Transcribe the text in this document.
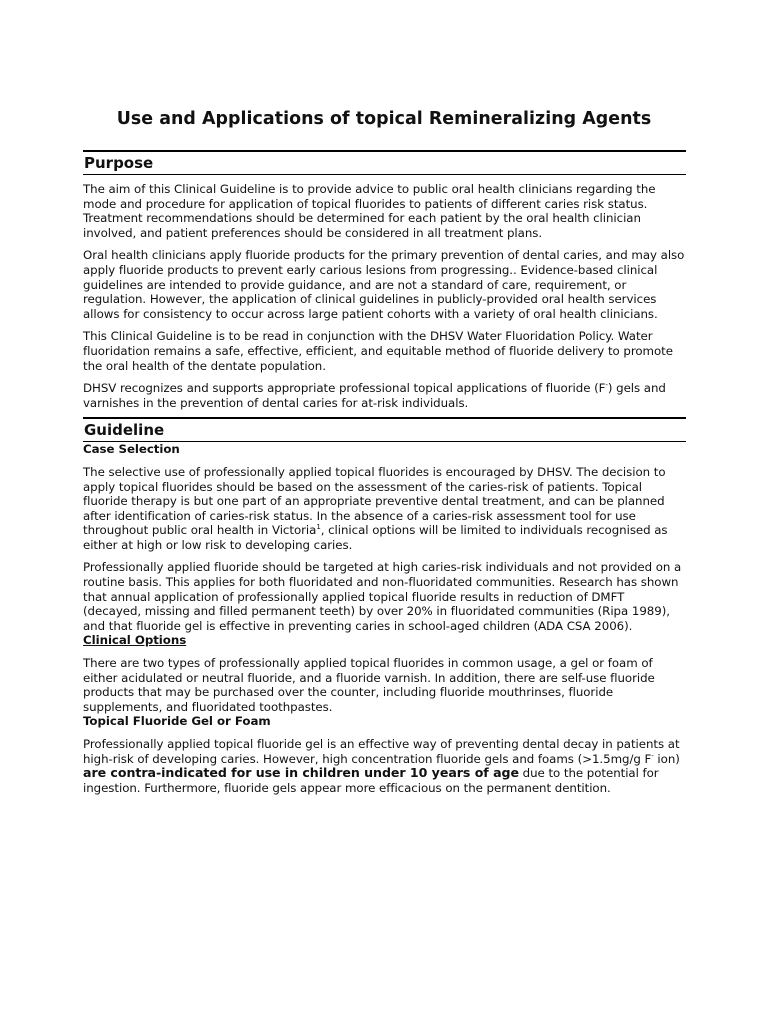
Use and Applications of topical Remineralizing Agents
Purpose

The aim of this Clinical Guideline is to provide advice to public oral health clinicians regarding the mode and procedure for application of topical fluorides to patients of different caries risk status. Treatment recommendations should be determined for each patient by the oral health clinician involved, and patient preferences should be considered in all treatment plans.

Oral health clinicians apply fluoride products for the primary prevention of dental caries, and may also apply fluoride products to prevent early carious lesions from progressing.. Evidence-based clinical guidelines are intended to provide guidance, and are not a standard of care, requirement, or regulation. However, the application of clinical guidelines in publicly-provided oral health services allows for consistency to occur across large patient cohorts with a variety of oral health clinicians.

This Clinical Guideline is to be read in conjunction with the DHSV Water Fluoridation Policy. Water fluoridation remains a safe, effective, efficient, and equitable method of fluoride delivery to promote the oral health of the dentate population.

DHSV recognizes and supports appropriate professional topical applications of fluoride (F-) gels and varnishes in the prevention of dental caries for at-risk individuals.

Guideline

Case Selection

The selective use of professionally applied topical fluorides is encouraged by DHSV. The decision to apply topical fluorides should be based on the assessment of the caries-risk of patients. Topical fluoride therapy is but one part of an appropriate preventive dental treatment, and can be planned after identification of caries-risk status. In the absence of a caries-risk assessment tool for use throughout public oral health in Victoria$^1$, clinical options will be limited to individuals recognised as either at high or low risk to developing caries.

Professionally applied fluoride should be targeted at high caries-risk individuals and not provided on a routine basis. This applies for both fluoridated and non-fluoridated communities. Research has shown that annual application of professionally applied topical fluoride results in reduction of DMFT (decayed, missing and filled permanent teeth) by over 20% in fluoridated communities (Ripa 1989), and that fluoride gel is effective in preventing caries in school-aged children (ADA CSA 2006).

Clinical Options

There are two types of professionally applied topical fluorides in common usage, a gel or foam of either acidulated or neutral fluoride, and a fluoride varnish. In addition, there are self-use fluoride products that may be purchased over the counter, including fluoride mouthrinses, fluoride supplements, and fluoridated toothpastes.

Topical Fluoride Gel or Foam

Professionally applied topical fluoride gel is an effective way of preventing dental decay in patients at high-risk of developing caries. However, high concentration fluoride gels and foams (>1.5mg/g F- ion) are contra-indicated for use in children under 10 years of age due to the potential for ingestion. Furthermore, fluoride gels appear more efficacious on the permanent dentition.
